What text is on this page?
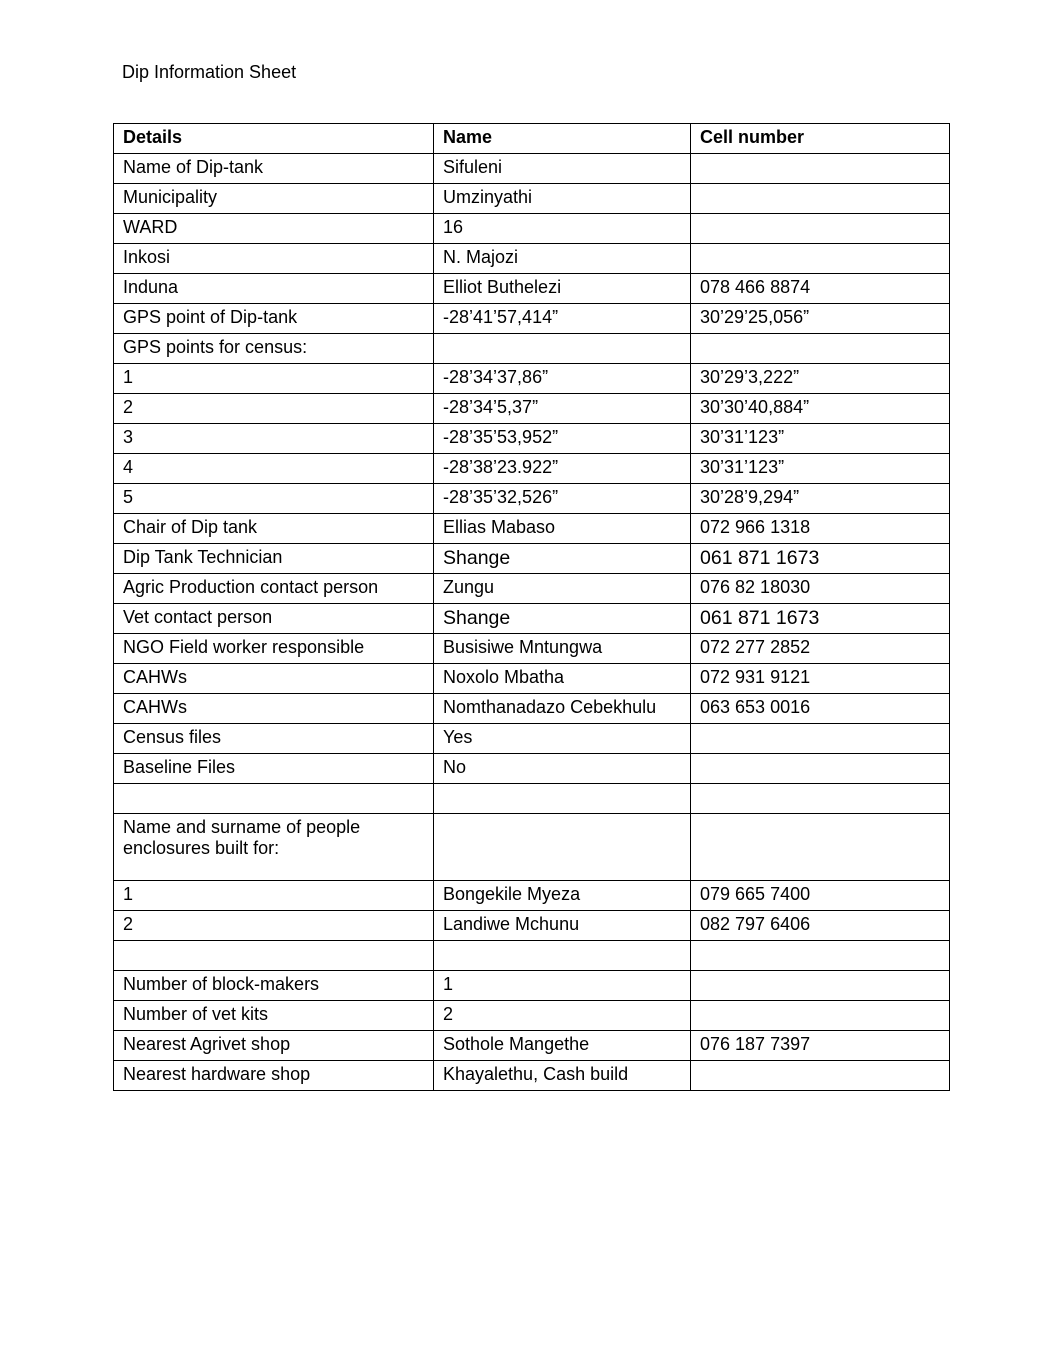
Dip Information Sheet
Details	Name	Cell number
Name of Dip-tank	Sifuleni	
Municipality	Umzinyathi	
WARD	16	
Inkosi	N. Majozi	
Induna	Elliot Buthelezi	078 466 8874
GPS point of Dip-tank	-28’41’57,414”	30’29’25,056”
GPS points for census:		
1	-28’34’37,86”	30’29’3,222”
2	-28’34’5,37”	30’30’40,884”
3	-28’35’53,952”	30’31’123”
4	-28’38’23.922”	30’31’123”
5	-28’35’32,526”	30’28’9,294”
Chair of Dip tank	Ellias Mabaso	072 966 1318
Dip Tank Technician	Shange	061 871 1673
Agric Production contact person	Zungu	076 82 18030
Vet contact person	Shange	061 871 1673
NGO Field worker responsible	Busisiwe Mntungwa	072 277 2852
CAHWs	Noxolo Mbatha	072 931 9121
CAHWs	Nomthanadazo Cebekhulu	063 653 0016
Census files	Yes	
Baseline Files	No	

Name and surname of people enclosures built for:		
1	Bongekile Myeza	079 665 7400
2	Landiwe Mchunu	082 797 6406

Number of block-makers	1	
Number of vet kits	2	
Nearest Agrivet shop	Sothole Mangethe	076 187 7397
Nearest hardware shop	Khayalethu, Cash build	
